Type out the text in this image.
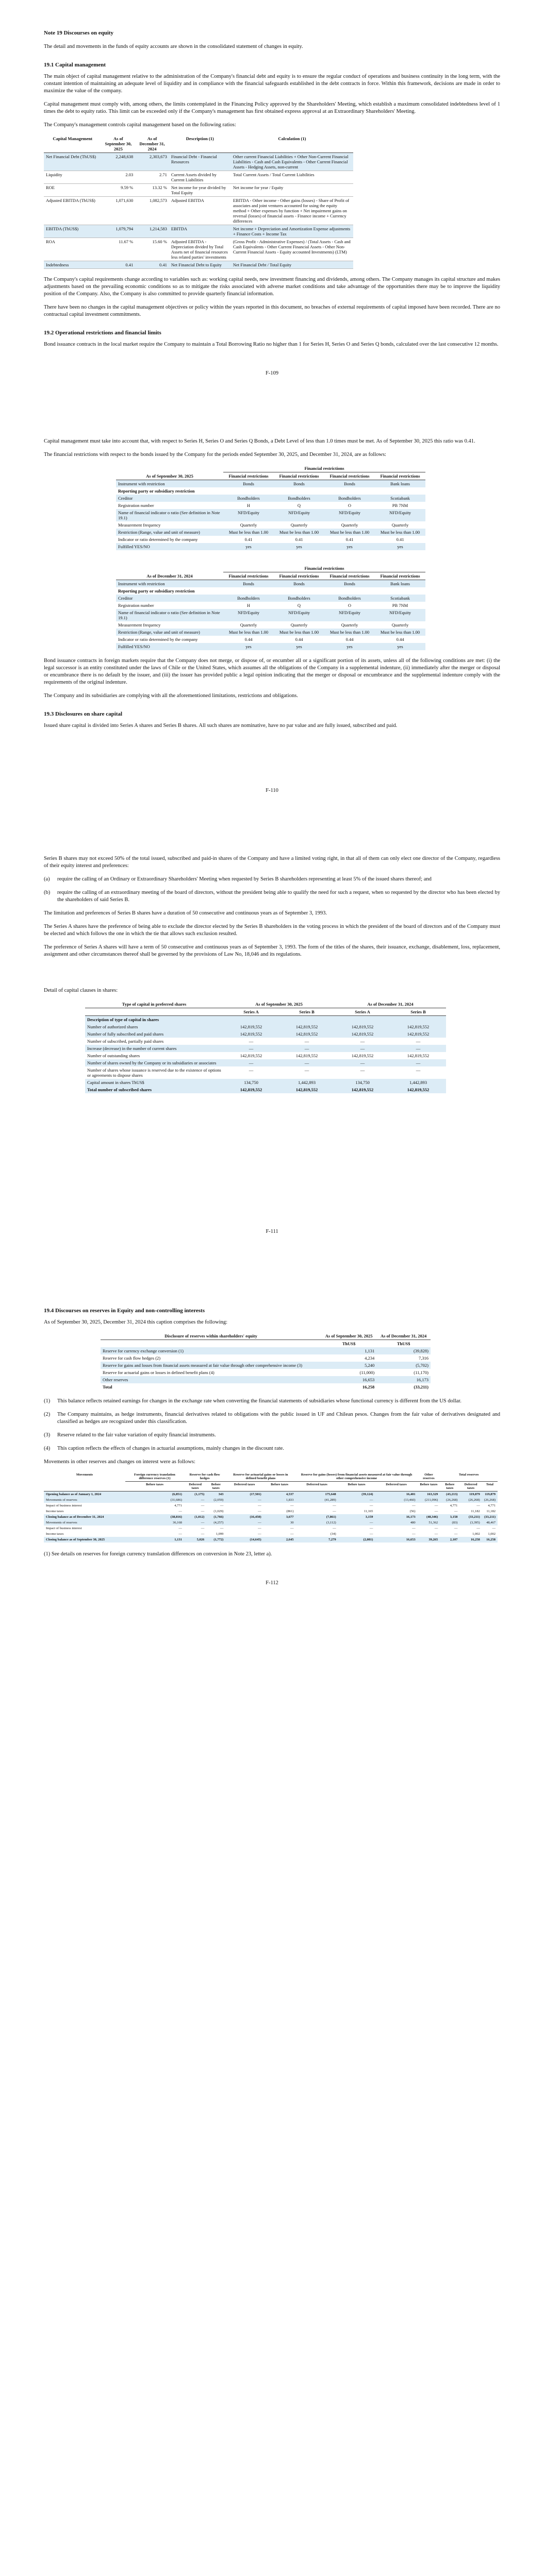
Note 19 Discourses on equity

The detail and movements in the funds of equity accounts are shown in the consolidated statement of changes in equity.

19.1 Capital management

The main object of capital management relative to the administration of the Company's financial debt and equity is to ensure the regular conduct of operations and business continuity in the long term, with the constant intention of maintaining an adequate level of liquidity and in compliance with the financial safeguards established in the debt contracts in force. Within this framework, decisions are made in order to maximize the value of the company.

Capital management must comply with, among others, the limits contemplated in the Financing Policy approved by the Shareholders' Meeting, which establish a maximum consolidated indebtedness level of 1 times the debt to equity ratio. This limit can be exceeded only if the Company's management has first obtained express approval at an Extraordinary Shareholders' Meeting.

The Company's management controls capital management based on the following ratios:

Capital Management	As of September 30, 2025	As of December 31, 2024	Description (1)	Calculation (1)
Net Financial Debt (ThUS$)	2,248,638	2,303,673	Financial Debt - Financial Resources	Other current Financial Liabilities + Other Non-Current Financial Liabilities - Cash and Cash Equivalents - Other Current Financial Assets - Hedging Assets, non-current
Liquidity	2.03	2.71	Current Assets divided by Current Liabilities	Total Current Assets / Total Current Liabilities
ROE	9.59 %	13.32 %	Net income for year divided by Total Equity	Net income for year / Equity
Adjusted EBITDA (ThUS$)	1,071,630	1,082,573	Adjusted EBITDA	EBITDA - Other income - Other gains (losses) - Share of Profit of associates and joint ventures accounted for using the equity method + Other expenses by function + Net impairment gains on reversal (losses) of financial assets - Finance income + Currency differences
EBITDA (ThUS$)	1,079,794	1,214,583	EBITDA	Net income + Depreciation and Amortization Expense adjustments + Finance Costs + Income Tax
ROA	11.67 %	15.60 %	Adjusted EBITDA - Depreciation divided by Total Assets net of financial resources less related parties' investments	(Gross Profit - Administrative Expenses) / (Total Assets - Cash and Cash Equivalents - Other Current Financial Assets - Other Non-Current Financial Assets - Equity accounted Investments) (LTM)
Indebtedness	0.41	0.41	Net Financial Debt to Equity	Net Financial Debt / Total Equity

The Company's capital requirements change according to variables such as: working capital needs, new investment financing and dividends, among others. The Company manages its capital structure and makes adjustments based on the prevailing economic conditions so as to mitigate the risks associated with adverse market conditions and take advantage of the opportunities there may be to improve the liquidity position of the Company. Also, the Company is also committed to provide quarterly financial information.

There have been no changes in the capital management objectives or policy within the years reported in this document, no breaches of external requirements of capital imposed have been recorded. There are no contractual capital investment commitments.

19.2 Operational restrictions and financial limits

Bond issuance contracts in the local market require the Company to maintain a Total Borrowing Ratio no higher than 1 for Series H, Series O and Series Q bonds, calculated over the last consecutive 12 months.

F-109

Capital management must take into account that, with respect to Series H, Series O and Series Q Bonds, a Debt Level of less than 1.0 times must be met. As of September 30, 2025 this ratio was 0.41.

The financial restrictions with respect to the bonds issued by the Company for the periods ended September 30, 2025, and December 31, 2024, are as follows:

	Financial restrictions			
As of September 30, 2025	Financial restrictions	Financial restrictions	Financial restrictions	Financial restrictions
Instrument with restriction	Bonds	Bonds	Bonds	Bank loans
Reporting party or subsidiary restriction				
Creditor	Bondholders	Bondholders	Bondholders	Scotiabank
Registration number	H	Q	O	PB 7NM
Name of financial indicator o ratio (See definition in Note 19.1)	NFD/Equity	NFD/Equity	NFD/Equity	NFD/Equity
Measurement frequency	Quarterly	Quarterly	Quarterly	Quarterly
Restriction (Range, value and unit of measure)	Must be less than 1.00	Must be less than 1.00	Must be less than 1.00	Must be less than 1.00
Indicator or ratio determined by the company	0.41	0.41	0.41	0.41
Fulfilled YES/NO	yes	yes	yes	yes
	Financial restrictions			
As of December 31, 2024	Financial restrictions	Financial restrictions	Financial restrictions	Financial restrictions
Instrument with restriction	Bonds	Bonds	Bonds	Bank loans
Reporting party or subsidiary restriction				
Creditor	Bondholders	Bondholders	Bondholders	Scotiabank
Registration number	H	Q	O	PB 7NM
Name of financial indicator o ratio (See definition in Note 19.1)	NFD/Equity	NFD/Equity	NFD/Equity	NFD/Equity
Measurement frequency	Quarterly	Quarterly	Quarterly	Quarterly
Restriction (Range, value and unit of measure)	Must be less than 1.00	Must be less than 1.00	Must be less than 1.00	Must be less than 1.00
Indicator or ratio determined by the company	0.44	0.44	0.44	0.44
Fulfilled YES/NO	yes	yes	yes	yes

Bond issuance contracts in foreign markets require that the Company does not merge, or dispose of, or encumber all or a significant portion of its assets, unless all of the following conditions are met: (i) the legal successor is an entity constituted under the laws of Chile or the United States, which assumes all the obligations of the Company in a supplemental indenture, (ii) immediately after the merger or disposal or encumbrance there is no default by the issuer, and (iii) the issuer has provided public a legal opinion indicating that the merger or disposal or encumbrance and the supplemental indenture comply with the requirements of the original indenture.

The Company and its subsidiaries are complying with all the aforementioned limitations, restrictions and obligations.

19.3 Disclosures on share capital

Issued share capital is divided into Series A shares and Series B shares. All such shares are nominative, have no par value and are fully issued, subscribed and paid.

F-110

Series B shares may not exceed 50% of the total issued, subscribed and paid-in shares of the Company and have a limited voting right, in that all of them can only elect one director of the Company, regardless of their equity interest and preferences:

(a)	require the calling of an Ordinary or Extraordinary Shareholders' Meeting when requested by Series B shareholders representing at least 5% of the issued shares thereof; and
(b)	require the calling of an extraordinary meeting of the board of directors, without the president being able to qualify the need for such a request, when so requested by the director who has been elected by the shareholders of said Series B.

The limitation and preferences of Series B shares have a duration of 50 consecutive and continuous years as of September 3, 1993.

The Series A shares have the preference of being able to exclude the director elected by the Series B shareholders in the voting process in which the president of the board of directors and of the Company must be elected and which follows the one in which the tie that allows such exclusion resulted.

The preference of Series A shares will have a term of 50 consecutive and continuous years as of September 3, 1993. The form of the titles of the shares, their issuance, exchange, disablement, loss, replacement, assignment and other circumstances thereof shall be governed by the provisions of Law No, 18,046 and its regulations.

Detail of capital clauses in shares:

Type of capital in preferred shares	As of September 30, 2025		As of December 31, 2024	
	Series A	Series B	Series A	Series B
Description of type of capital in shares				
Number of authorized shares	142,819,552	142,819,552	142,819,552	142,819,552
Number of fully subscribed and paid shares	142,819,552	142,819,552	142,819,552	142,819,552
Number of subscribed, partially paid shares	—	—	—	—
Increase (decrease) in the number of current shares	—	—	—	—
Number of outstanding shares	142,819,552	142,819,552	142,819,552	142,819,552
Number of shares owned by the Company or its subsidiaries or associates	—	—	—	—
Number of shares whose issuance is reserved due to the existence of options or agreements to dispose shares	—	—	—	—
Capital amount in shares ThUS$	134,750	1,442,893	134,750	1,442,893
Total number of subscribed shares	142,819,552	142,819,552	142,819,552	142,819,552

F-111

19.4 Discourses on reserves in Equity and non-controlling interests

As of September 30, 2025, December 31, 2024 this caption comprises the following:

Disclosure of reserves within shareholders' equity	As of September 30, 2025	As of December 31, 2024
	ThUS$	ThUS$
Reserve for currency exchange conversion (1)	1,131	(39,828)
Reserve for cash flow hedges (2)	4,234	7,316
Reserve for gains and losses from financial assets measured at fair value through other comprehensive income (3)	5,240	(5,702)
Reserve for actuarial gains or losses in defined benefit plans (4)	(11,000)	(11,170)
Other reserves	16,653	16,173
Total	16,258	(33,211)
(1)	This balance reflects retained earnings for changes in the exchange rate when converting the financial statements of subsidiaries whose functional currency is different from the US dollar.
(2)	The Company maintains, as hedge instruments, financial derivatives related to obligations with the public issued in UF and Chilean pesos. Changes from the fair value of derivatives designated and classified as hedges are recognized under this classification.
(3)	Reserve related to the fair value variation of equity financial instruments.
(4)	This caption reflects the effects of changes in actuarial assumptions, mainly changes in the discount rate.

Movements in other reserves and changes on interest were as follows:

Movements	Foreign currency translation difference reserves (1)	Reserve for cash flow hedges		Reserve for actuarial gains or losses in defined benefit plans		Reserve for gains (losses) from financial assets measured at fair value through other comprehensive income			Other reserves	Total reserves		
	Before taxes	Deferred taxes	Before taxes	Deferred taxes	Before taxes	Deferred taxes	Before taxes	Deferred taxes	Before taxes	Before taxes	Deferred taxes	Total
Opening balance as of January 1, 2024	(6,851)	(1,175)	343	(17,501)	4,537	175,648	(39,124)	16,401	163,329	(43,213)	119,879	119,879
Movements of reserves	(31,686)	—	(2,059)	—	1,833	(41,289)	—	(13,460)	(211,096)	(26,268)	(26,268)	(26,268)
Impact of business interest	4,771	—	—	—	—	—	—	—	—	4,771	—	4,771
Income taxes	—	—	(1,029)	—	(861)	—	11,165	(56)	—	—	11,182	11,182
Closing balance as of December 31, 2024	(38,816)	(1,012)	(1,766)	(16,450)	3,677	(7,861)	3,159	16,173	(48,346)	3,158	(33,211)	(33,211)
Movements of reserves	36,168	—	(4,257)	—	30	(3,112)	—	480	51,362	(83)	(3,395)	48,467
Impact of business interest	—	—	—	—	—	—	—	—	—	—	—	—
Income taxes	—	—	1,099	—	—	(34)	—	—	—	—	1,002	1,002
Closing balance as of September 30, 2025	1,131	5,026	(1,772)	(14,645)	2,645	7,279	(2,081)	16,653	39,265	2,107	16,258	16,258

(1) See details on reserves for foreign currency translation differences on conversion in Note 23, letter a).

F-112
